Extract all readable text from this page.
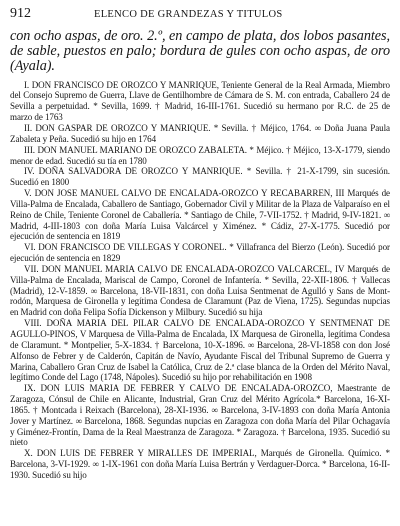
912	ELENCO DE GRANDEZAS Y TITULOS

con ocho aspas, de oro. 2.º, en campo de plata, dos lobos pasantes, de sable, puestos en palo; bordura de gules con ocho aspas, de oro (Ayala).

I. DON FRANCISCO DE OROZCO Y MANRIQUE, Teniente General de la Real Armada, Miembro del Consejo Supremo de Guerra, Llave de Gentilhombre de Cámara de S. M. con entrada, Caballero 24 de Sevilla a perpetuidad. * Sevilla, 1699. † Madrid, 16-III-1761. Sucedió su hermano por R.C. de 25 de marzo de 1763

II. DON GASPAR DE OROZCO Y MANRIQUE. * Sevilla. † Méjico, 1764. ∞ Doña Juana Paula Zabaleta y Peña. Sucedió su hijo en 1764

III. DON MANUEL MARIANO DE OROZCO ZABALETA. * Méjico. † Méjico, 13-X-1779, siendo menor de edad. Sucedió su tía en 1780

IV. DOÑA SALVADORA DE OROZCO Y MANRIQUE. * Sevilla. † 21-X-1799, sin sucesión. Sucedió en 1800

V. DON JOSE MANUEL CALVO DE ENCALADA-OROZCO Y RECABARREN, III Marqués de Villa-Palma de Encalada, Caballero de Santiago, Gobernador Civil y Militar de la Plaza de Valparaíso en el Reino de Chile, Teniente Coronel de Caballería. * Santiago de Chile, 7-VII-1752. † Madrid, 9-IV-1821. ∞ Madrid, 4-III-1803 con doña María Luisa Valcárcel y Ximénez. * Cádiz, 27-X-1775. Sucedió por ejecución de sentencia en 1819

VI. DON FRANCISCO DE VILLEGAS Y CORONEL. * Villafranca del Bierzo (León). Sucedió por ejecución de sentencia en 1829

VII. DON MANUEL MARIA CALVO DE ENCALADA-OROZCO VALCARCEL, IV Marqués de Villa-Palma de Encalada, Mariscal de Campo, Coronel de Infantería. * Sevilla, 22-XII-1806. † Vallecas (Madrid), 12-V-1859. ∞ Barcelona, 18-VII-1831, con doña Luisa Sentmenat de Agulló y Sans de Mont-rodón, Marquesa de Gironella y legítima Condesa de Claramunt (Paz de Viena, 1725). Segundas nupcias en Madrid con doña Felipa Sofía Dickenson y Milbury. Sucedió su hija

VIII. DOÑA MARIA DEL PILAR CALVO DE ENCALADA-OROZCO Y SENTMENAT DE AGULLO-PINOS, V Marquesa de Villa-Palma de Encalada, IX Marquesa de Gironella, legítima Condesa de Claramunt. * Montpelier, 5-X-1834. † Barcelona, 10-X-1896. ∞ Barcelona, 28-VI-1858 con don José Alfonso de Febrer y de Calderón, Capitán de Navío, Ayudante Fiscal del Tribunal Supremo de Guerra y Marina, Caballero Gran Cruz de Isabel la Católica, Cruz de 2.ª clase blanca de la Orden del Mérito Naval, legítimo Conde del Lago (1748, Nápoles). Sucedió su hijo por rehabilitación en 1908

IX. DON LUIS MARIA DE FEBRER Y CALVO DE ENCALADA-OROZCO, Maestrante de Zaragoza, Cónsul de Chile en Alicante, Industrial, Gran Cruz del Mérito Agrícola.* Barcelona, 16-XI-1865. † Montcada i Reixach (Barcelona), 28-XI-1936. ∞ Barcelona, 3-IV-1893 con doña María Antonia Jover y Martínez. ∞ Barcelona, 1868. Segundas nupcias en Zaragoza con doña María del Pilar Ochagavía y Giménez-Frontín, Dama de la Real Maestranza de Zaragoza. * Zaragoza. † Barcelona, 1935. Sucedió su nieto

X. DON LUIS DE FEBRER Y MIRALLES DE IMPERIAL, Marqués de Gironella. Químico. * Barcelona, 3-VI-1929. ∞ 1-IX-1961 con doña María Luisa Bertrán y Verdaguer-Dorca. * Barcelona, 16-II-1930. Sucedió su hijo
